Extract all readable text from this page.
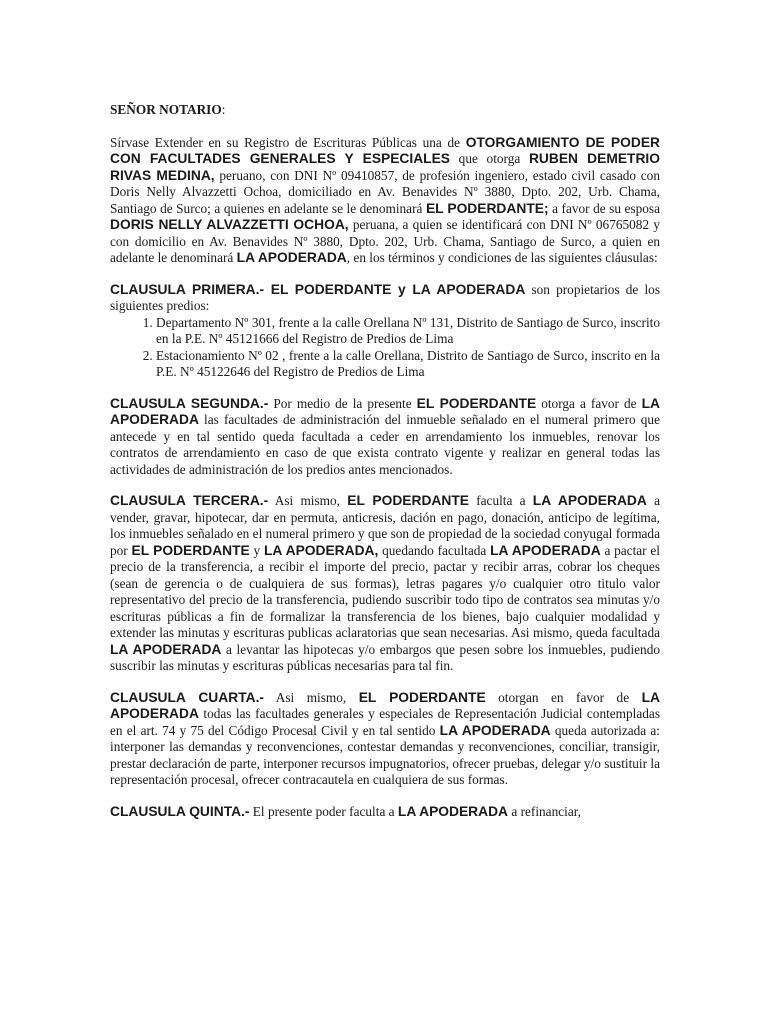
SEÑOR NOTARIO:

Sírvase Extender en su Registro de Escrituras Públicas una de OTORGAMIENTO DE PODER CON FACULTADES GENERALES Y ESPECIALES que otorga RUBEN DEMETRIO RIVAS MEDINA, peruano, con DNI Nº 09410857, de profesión ingeniero, estado civil casado con Doris Nelly Alvazzetti Ochoa, domiciliado en Av. Benavides Nº 3880, Dpto. 202, Urb. Chama, Santiago de Surco; a quienes en adelante se le denominará EL PODERDANTE; a favor de su esposa DORIS NELLY ALVAZZETTI OCHOA, peruana, a quien se identificará con DNI Nº 06765082 y con domicilio en Av. Benavides Nº 3880, Dpto. 202, Urb. Chama, Santiago de Surco, a quien en adelante le denominará LA APODERADA, en los términos y condiciones de las siguientes cláusulas:

CLAUSULA PRIMERA.- EL PODERDANTE y LA APODERADA son propietarios de los siguientes predios:

1. Departamento Nº 301, frente a la calle Orellana Nº 131, Distrito de Santiago de Surco, inscrito en la P.E. Nº 45121666 del Registro de Predios de Lima
2. Estacionamiento Nº 02 , frente a la calle Orellana, Distrito de Santiago de Surco, inscrito en la P.E. Nº 45122646 del Registro de Predios de Lima

CLAUSULA SEGUNDA.- Por medio de la presente EL PODERDANTE otorga a favor de LA APODERADA las facultades de administración del inmueble señalado en el numeral primero que antecede y en tal sentido queda facultada a ceder en arrendamiento los inmuebles, renovar los contratos de arrendamiento en caso de que exista contrato vigente y realizar en general todas las actividades de administración de los predios antes mencionados.

CLAUSULA TERCERA.- Asi mismo, EL PODERDANTE faculta a LA APODERADA a vender, gravar, hipotecar, dar en permuta, anticresis, dación en pago, donación, anticipo de legítima, los inmuebles señalado en el numeral primero y que son de propiedad de la sociedad conyugal formada por EL PODERDANTE y LA APODERADA, quedando facultada LA APODERADA a pactar el precio de la transferencia, a recibir el importe del precio, pactar y recibir arras, cobrar los cheques (sean de gerencia o de cualquiera de sus formas), letras pagares y/o cualquier otro titulo valor representativo del precio de la transferencia, pudiendo suscribir todo tipo de contratos sea minutas y/o escrituras públicas a fin de formalizar la transferencia de los bienes, bajo cualquier modalidad y extender las minutas y escrituras publicas aclaratorias que sean necesarias. Asi mismo, queda facultada LA APODERADA a levantar las hipotecas y/o embargos que pesen sobre los inmuebles, pudiendo suscribir las minutas y escrituras públicas necesarias para tal fin.

CLAUSULA CUARTA.- Asi mismo, EL PODERDANTE otorgan en favor de LA APODERADA todas las facultades generales y especiales de Representación Judicial contempladas en el art. 74 y 75 del Código Procesal Civil y en tal sentido LA APODERADA queda autorizada a: interponer las demandas y reconvenciones, contestar demandas y reconvenciones, conciliar, transigir, prestar declaración de parte, interponer recursos impugnatorios, ofrecer pruebas, delegar y/o sustituir la representación procesal, ofrecer contracautela en cualquiera de sus formas.

CLAUSULA QUINTA.- El presente poder faculta a LA APODERADA a refinanciar,
